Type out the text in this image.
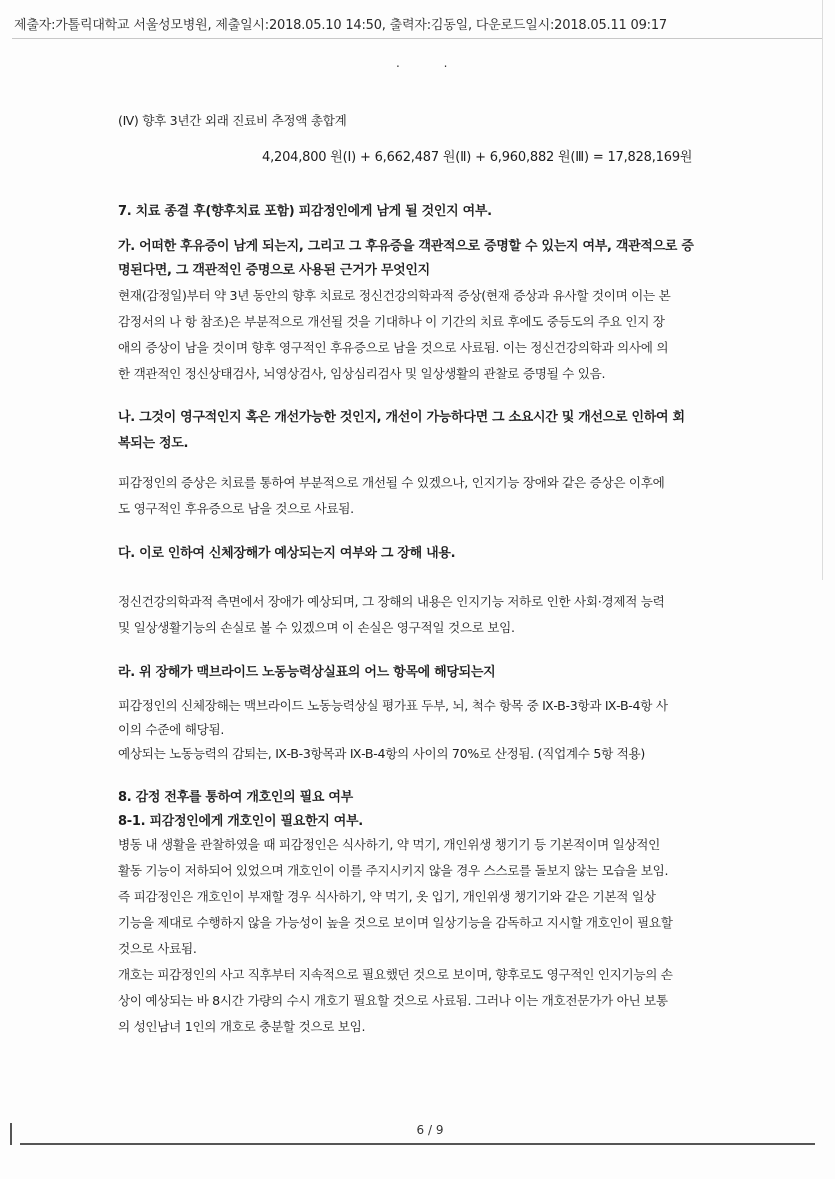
제출자:가톨릭대학교 서울성모병원, 제출일시:2018.05.10 14:50, 출력자:김동일, 다운로드일시:2018.05.11 09:17
. .
(Ⅳ) 향후 3년간 외래 진료비 추정액 총합계
4,204,800 원(Ⅰ) + 6,662,487 원(Ⅱ) + 6,960,882 원(Ⅲ) = 17,828,169원
7. 치료 종결 후(향후치료 포함) 피감정인에게 남게 될 것인지 여부.
가. 어떠한 후유증이 남게 되는지, 그리고 그 후유증을 객관적으로 증명할 수 있는지 여부, 객관적으로 증
명된다면, 그 객관적인 증명으로 사용된 근거가 무엇인지
현재(감정일)부터 약 3년 동안의 향후 치료로 정신건강의학과적 증상(현재 증상과 유사할 것이며 이는 본
감정서의 나 항 참조)은 부분적으로 개선될 것을 기대하나 이 기간의 치료 후에도 중등도의 주요 인지 장
애의 증상이 남을 것이며 향후 영구적인 후유증으로 남을 것으로 사료됨. 이는 정신건강의학과 의사에 의
한 객관적인 정신상태검사, 뇌영상검사, 임상심리검사 및 일상생활의 관찰로 증명될 수 있음.
나. 그것이 영구적인지 혹은 개선가능한 것인지, 개선이 가능하다면 그 소요시간 및 개선으로 인하여 회
복되는 정도.
피감정인의 증상은 치료를 통하여 부분적으로 개선될 수 있겠으나, 인지기능 장애와 같은 증상은 이후에
도 영구적인 후유증으로 남을 것으로 사료됨.
다. 이로 인하여 신체장해가 예상되는지 여부와 그 장해 내용.
정신건강의학과적 측면에서 장애가 예상되며, 그 장해의 내용은 인지기능 저하로 인한 사회·경제적 능력
및 일상생활기능의 손실로 볼 수 있겠으며 이 손실은 영구적일 것으로 보임.
라. 위 장해가 맥브라이드 노동능력상실표의 어느 항목에 해당되는지
피감정인의 신체장해는 맥브라이드 노동능력상실 평가표 두부, 뇌, 척수 항목 중 Ⅸ-B-3항과 Ⅸ-B-4항 사
이의 수준에 해당됨.
예상되는 노동능력의 감퇴는, Ⅸ-B-3항목과 Ⅸ-B-4항의 사이의 70%로 산정됨. (직업계수 5항 적용)
8. 감정 전후를 통하여 개호인의 필요 여부
8-1. 피감정인에게 개호인이 필요한지 여부.
병동 내 생활을 관찰하였을 때 피감정인은 식사하기, 약 먹기, 개인위생 챙기기 등 기본적이며 일상적인
활동 기능이 저하되어 있었으며 개호인이 이를 주지시키지 않을 경우 스스로를 돌보지 않는 모습을 보임.
즉 피감정인은 개호인이 부재할 경우 식사하기, 약 먹기, 옷 입기, 개인위생 챙기기와 같은 기본적 일상
기능을 제대로 수행하지 않을 가능성이 높을 것으로 보이며 일상기능을 감독하고 지시할 개호인이 필요할
것으로 사료됨.
개호는 피감정인의 사고 직후부터 지속적으로 필요했던 것으로 보이며, 향후로도 영구적인 인지기능의 손
상이 예상되는 바 8시간 가량의 수시 개호기 필요할 것으로 사료됨. 그러나 이는 개호전문가가 아닌 보통
의 성인남녀 1인의 개호로 충분할 것으로 보임.
6 / 9
